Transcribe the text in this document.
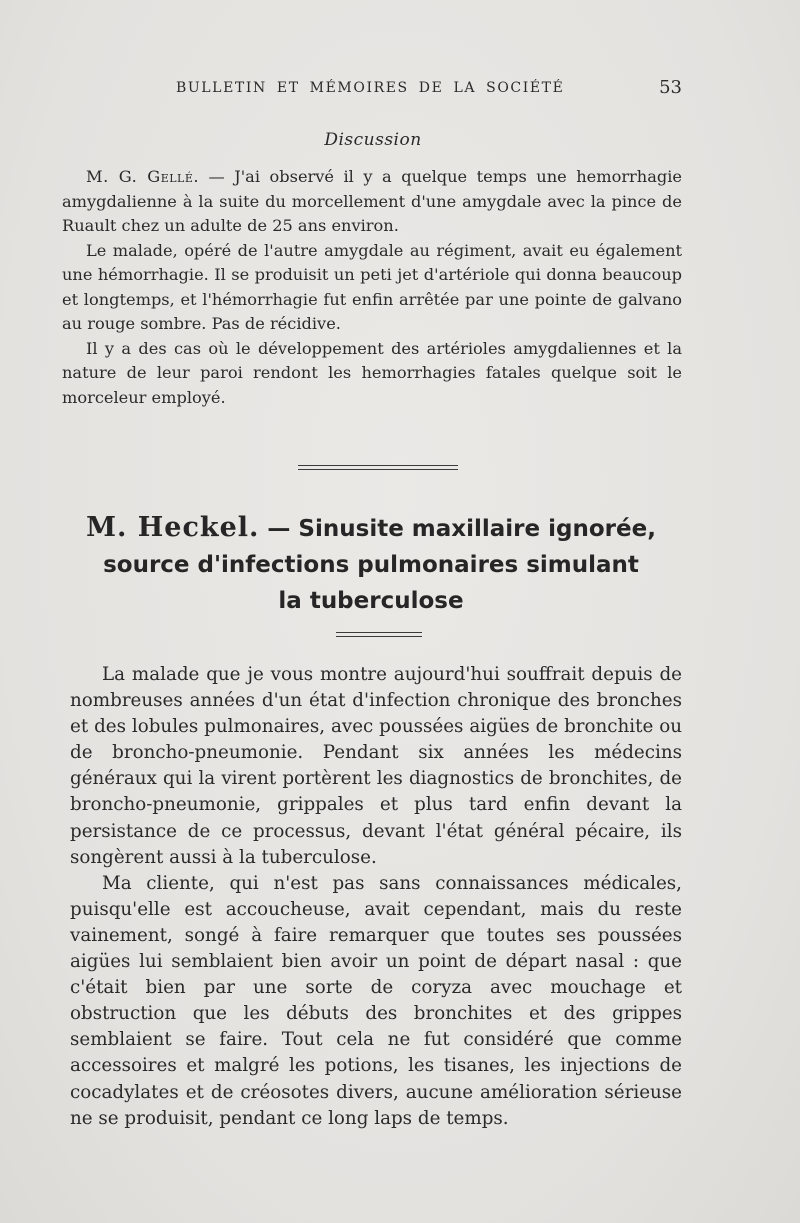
BULLETIN ET MÉMOIRES DE LA SOCIÉTÉ	53
Discussion

M. G. Gellé. — J'ai observé il y a quelque temps une hemorrhagie amygdalienne à la suite du morcellement d'une amygdale avec la pince de Ruault chez un adulte de 25 ans environ.

Le malade, opéré de l'autre amygdale au régiment, avait eu également une hémorrhagie. Il se produisit un peti jet d'artériole qui donna beaucoup et longtemps, et l'hémorrhagie fut enfin arrêtée par une pointe de galvano au rouge sombre. Pas de récidive.

Il y a des cas où le développement des artérioles amygdaliennes et la nature de leur paroi rendont les hemorrhagies fatales quelque soit le morceleur employé.

M. Heckel. — Sinusite maxillaire ignorée,
source d'infections pulmonaires simulant
la tuberculose

La malade que je vous montre aujourd'hui souffrait depuis de nombreuses années d'un état d'infection chronique des bronches et des lobules pulmonaires, avec poussées aigües de bronchite ou de broncho-pneumonie. Pendant six années les médecins généraux qui la virent portèrent les diagnostics de bronchites, de broncho-pneumonie, grippales et plus tard enfin devant la persistance de ce processus, devant l'état général pécaire, ils songèrent aussi à la tuberculose.

Ma cliente, qui n'est pas sans connaissances médicales, puisqu'elle est accoucheuse, avait cependant, mais du reste vainement, songé à faire remarquer que toutes ses poussées aigües lui semblaient bien avoir un point de départ nasal : que c'était bien par une sorte de coryza avec mouchage et obstruction que les débuts des bronchites et des grippes semblaient se faire. Tout cela ne fut considéré que comme accessoires et malgré les potions, les tisanes, les injections de cocadylates et de créosotes divers, aucune amélioration sérieuse ne se produisit, pendant ce long laps de temps.
